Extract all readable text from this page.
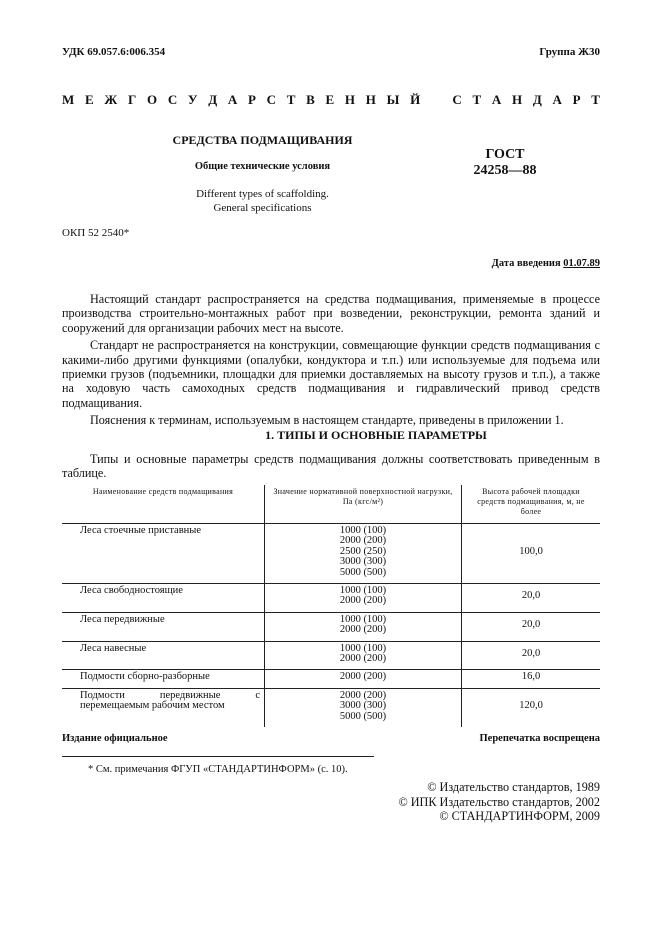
УДК 69.057.6:006.354	Группа Ж30
М Е Ж Г О С У Д А Р С Т В Е Н Н Ы Й С Т А Н Д А Р Т
СРЕДСТВА ПОДМАЩИВАНИЯ
Общие технические условия
Different types of scaffolding.
General specifications
ГОСТ
24258—88
ОКП 52 2540*
Дата введения 01.07.89

Настоящий стандарт распространяется на средства подмащивания, применяемые в процессе производства строительно-монтажных работ при возведении, реконструкции, ремонта зданий и сооружений для организации рабочих мест на высоте.

Стандарт не распространяется на конструкции, совмещающие функции средств подмащивания с какими-либо другими функциями (опалубки, кондуктора и т.п.) или используемые для подъема или приемки грузов (подъемники, площадки для приемки доставляемых на высоту грузов и т.п.), а также на ходовую часть самоходных средств подмащивания и гидравлический привод средств подмащивания.

Пояснения к терминам, используемым в настоящем стандарте, приведены в приложении 1.

1. ТИПЫ И ОСНОВНЫЕ ПАРАМЕТРЫ

Типы и основные параметры средств подмащивания должны соответствовать приведенным в таблице.

Наименование средств подмащивания	Значение нормативной поверхностной нагрузки, Па (кгс/м²)	Высота рабочей площадки средств подмащивания, м, не более
Леса стоечные приставные	1000 (100)
2000 (200)
2500 (250)
3000 (300)
5000 (500)	100,0
Леса свободностоящие	1000 (100)
2000 (200)	20,0
Леса передвижные	1000 (100)
2000 (200)	20,0
Леса навесные	1000 (100)
2000 (200)	20,0
Подмости сборно-разборные	2000 (200)	16,0
Подмости передвижные с перемещаемым рабочим местом	2000 (200)
3000 (300)
5000 (500)	120,0
Издание официальное	Перепечатка воспрещена
* См. примечания ФГУП «СТАНДАРТИНФОРМ» (с. 10).
© Издательство стандартов, 1989
© ИПК Издательство стандартов, 2002
© СТАНДАРТИНФОРМ, 2009
